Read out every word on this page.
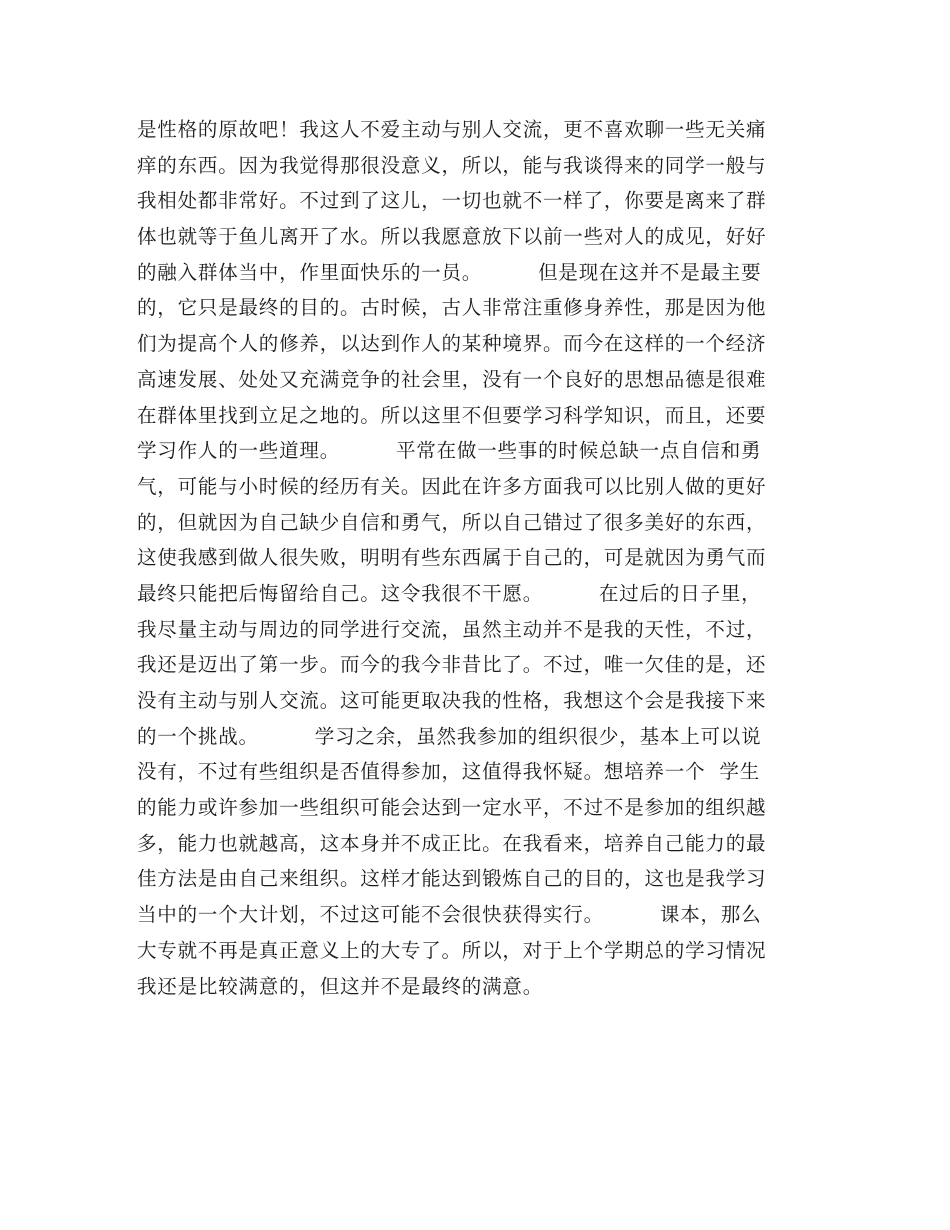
是性格的原故吧！我这人不爱主动与别人交流，更不喜欢聊一些无关痛
痒的东西。因为我觉得那很没意义，所以，能与我谈得来的同学一般与
我相处都非常好。不过到了这儿，一切也就不一样了，你要是离来了群
体也就等于鱼儿离开了水。所以我愿意放下以前一些对人的成见，好好
的融入群体当中，作里面快乐的一员。        但是现在这并不是最主要
的，它只是最终的目的。古时候，古人非常注重修身养性，那是因为他
们为提高个人的修养，以达到作人的某种境界。而今在这样的一个经济
高速发展、处处又充满竞争的社会里，没有一个良好的思想品德是很难
在群体里找到立足之地的。所以这里不但要学习科学知识，而且，还要
学习作人的一些道理。        平常在做一些事的时候总缺一点自信和勇
气，可能与小时候的经历有关。因此在许多方面我可以比别人做的更好
的，但就因为自己缺少自信和勇气，所以自己错过了很多美好的东西，
这使我感到做人很失败，明明有些东西属于自己的，可是就因为勇气而
最终只能把后悔留给自己。这令我很不干愿。        在过后的日子里，
我尽量主动与周边的同学进行交流，虽然主动并不是我的天性，不过，
我还是迈出了第一步。而今的我今非昔比了。不过，唯一欠佳的是，还
没有主动与别人交流。这可能更取决我的性格，我想这个会是我接下来
的一个挑战。        学习之余，虽然我参加的组织很少，基本上可以说
没有，不过有些组织是否值得参加，这值得我怀疑。想培养一个  学生
的能力或许参加一些组织可能会达到一定水平，不过不是参加的组织越
多，能力也就越高，这本身并不成正比。在我看来，培养自己能力的最
佳方法是由自己来组织。这样才能达到锻炼自己的目的，这也是我学习
当中的一个大计划，不过这可能不会很快获得实行。        课本，那么
大专就不再是真正意义上的大专了。所以，对于上个学期总的学习情况
我还是比较满意的，但这并不是最终的满意。
